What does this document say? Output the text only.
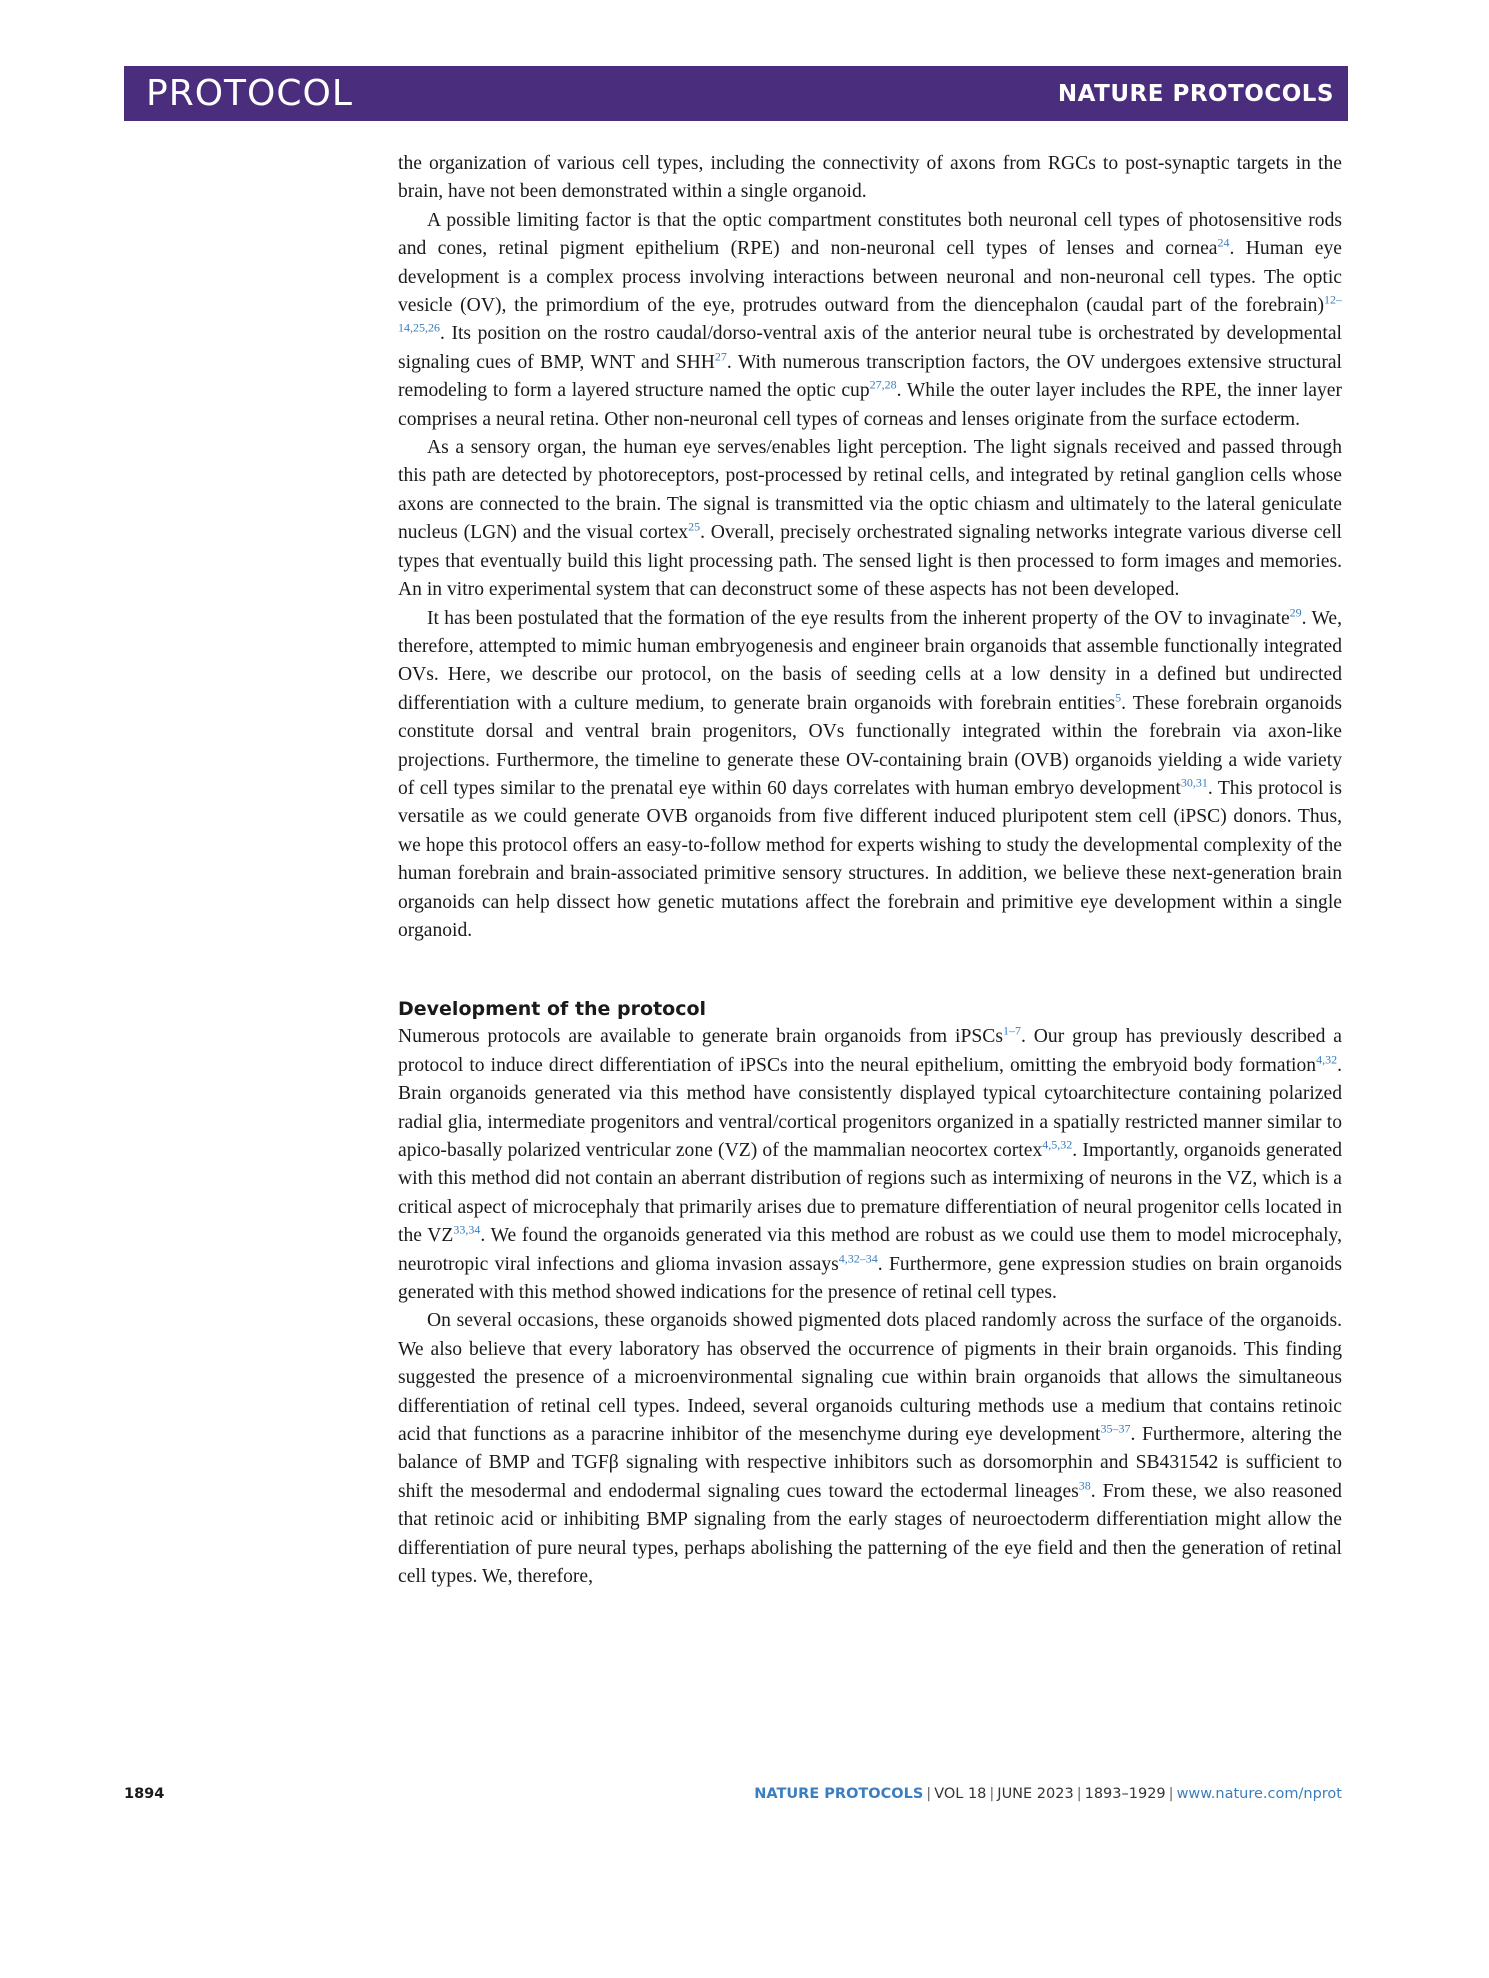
PROTOCOL	NATURE PROTOCOLS

the organization of various cell types, including the connectivity of axons from RGCs to post-synaptic targets in the brain, have not been demonstrated within a single organoid.

A possible limiting factor is that the optic compartment constitutes both neuronal cell types of photosensitive rods and cones, retinal pigment epithelium (RPE) and non-neuronal cell types of lenses and cornea$^{24}$. Human eye development is a complex process involving interactions between neuronal and non-neuronal cell types. The optic vesicle (OV), the primordium of the eye, protrudes outward from the diencephalon (caudal part of the forebrain)$^{12-14,25,26}$. Its position on the rostro caudal/dorso-ventral axis of the anterior neural tube is orchestrated by developmental signaling cues of BMP, WNT and SHH$^{27}$. With numerous transcription factors, the OV undergoes extensive structural remodeling to form a layered structure named the optic cup$^{27,28}$. While the outer layer includes the RPE, the inner layer comprises a neural retina. Other non-neuronal cell types of corneas and lenses originate from the surface ectoderm.

As a sensory organ, the human eye serves/enables light perception. The light signals received and passed through this path are detected by photoreceptors, post-processed by retinal cells, and integrated by retinal ganglion cells whose axons are connected to the brain. The signal is transmitted via the optic chiasm and ultimately to the lateral geniculate nucleus (LGN) and the visual cortex$^{25}$. Overall, precisely orchestrated signaling networks integrate various diverse cell types that eventually build this light processing path. The sensed light is then processed to form images and memories. An in vitro experimental system that can deconstruct some of these aspects has not been developed.

It has been postulated that the formation of the eye results from the inherent property of the OV to invaginate$^{29}$. We, therefore, attempted to mimic human embryogenesis and engineer brain organoids that assemble functionally integrated OVs. Here, we describe our protocol, on the basis of seeding cells at a low density in a defined but undirected differentiation with a culture medium, to generate brain organoids with forebrain entities$^5$. These forebrain organoids constitute dorsal and ventral brain progenitors, OVs functionally integrated within the forebrain via axon-like projections. Furthermore, the timeline to generate these OV-containing brain (OVB) organoids yielding a wide variety of cell types similar to the prenatal eye within 60 days correlates with human embryo development$^{30,31}$. This protocol is versatile as we could generate OVB organoids from five different induced pluripotent stem cell (iPSC) donors. Thus, we hope this protocol offers an easy-to-follow method for experts wishing to study the developmental complexity of the human forebrain and brain-associated primitive sensory structures. In addition, we believe these next-generation brain organoids can help dissect how genetic mutations affect the forebrain and primitive eye development within a single organoid.

Development of the protocol

Numerous protocols are available to generate brain organoids from iPSCs$^{1-7}$. Our group has previously described a protocol to induce direct differentiation of iPSCs into the neural epithelium, omitting the embryoid body formation$^{4,32}$. Brain organoids generated via this method have consistently displayed typical cytoarchitecture containing polarized radial glia, intermediate progenitors and ventral/cortical progenitors organized in a spatially restricted manner similar to apico-basally polarized ventricular zone (VZ) of the mammalian neocortex cortex$^{4,5,32}$. Importantly, organoids generated with this method did not contain an aberrant distribution of regions such as intermixing of neurons in the VZ, which is a critical aspect of microcephaly that primarily arises due to premature differentiation of neural progenitor cells located in the VZ$^{33,34}$. We found the organoids generated via this method are robust as we could use them to model microcephaly, neurotropic viral infections and glioma invasion assays$^{4,32-34}$. Furthermore, gene expression studies on brain organoids generated with this method showed indications for the presence of retinal cell types.

On several occasions, these organoids showed pigmented dots placed randomly across the surface of the organoids. We also believe that every laboratory has observed the occurrence of pigments in their brain organoids. This finding suggested the presence of a microenvironmental signaling cue within brain organoids that allows the simultaneous differentiation of retinal cell types. Indeed, several organoids culturing methods use a medium that contains retinoic acid that functions as a paracrine inhibitor of the mesenchyme during eye development$^{35-37}$. Furthermore, altering the balance of BMP and TGFβ signaling with respective inhibitors such as dorsomorphin and SB431542 is sufficient to shift the mesodermal and endodermal signaling cues toward the ectodermal lineages$^{38}$. From these, we also reasoned that retinoic acid or inhibiting BMP signaling from the early stages of neuroectoderm differentiation might allow the differentiation of pure neural types, perhaps abolishing the patterning of the eye field and then the generation of retinal cell types. We, therefore,

1894	NATURE PROTOCOLS | VOL 18 | JUNE 2023 | 1893–1929 | www.nature.com/nprot
